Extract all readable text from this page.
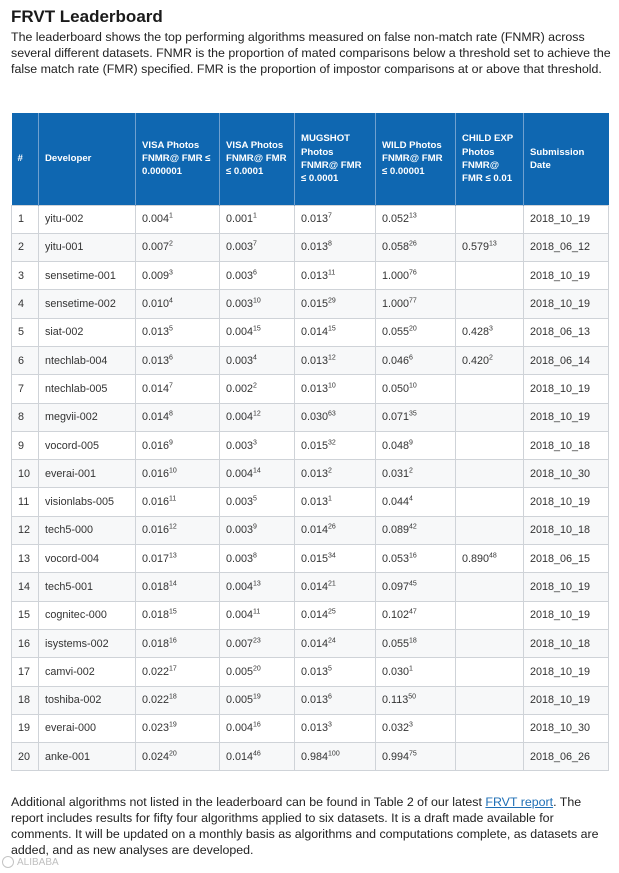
FRVT Leaderboard
The leaderboard shows the top performing algorithms measured on false non-match rate (FNMR) across several different datasets. FNMR is the proportion of mated comparisons below a threshold set to achieve the false match rate (FMR) specified. FMR is the proportion of impostor comparisons at or above that threshold.
#	Developer	VISA Photos FNMR@ FMR ≤ 0.000001	VISA Photos FNMR@ FMR ≤ 0.0001	MUGSHOT Photos FNMR@ FMR ≤ 0.0001	WILD Photos FNMR@ FMR ≤ 0.00001	CHILD EXP Photos FNMR@ FMR ≤ 0.01	Submission Date
1	yitu-002	0.004$^1$	0.001$^1$	0.013$^7$	0.052$^{13}$		2018_10_19
2	yitu-001	0.007$^2$	0.003$^7$	0.013$^8$	0.058$^{26}$	0.579$^{13}$	2018_06_12
3	sensetime-001	0.009$^3$	0.003$^6$	0.013$^{11}$	1.000$^{76}$		2018_10_19
4	sensetime-002	0.010$^4$	0.003$^{10}$	0.015$^{29}$	1.000$^{77}$		2018_10_19
5	siat-002	0.013$^5$	0.004$^{15}$	0.014$^{15}$	0.055$^{20}$	0.428$^3$	2018_06_13
6	ntechlab-004	0.013$^6$	0.003$^4$	0.013$^{12}$	0.046$^6$	0.420$^2$	2018_06_14
7	ntechlab-005	0.014$^7$	0.002$^2$	0.013$^{10}$	0.050$^{10}$		2018_10_19
8	megvii-002	0.014$^8$	0.004$^{12}$	0.030$^{63}$	0.071$^{35}$		2018_10_19
9	vocord-005	0.016$^9$	0.003$^3$	0.015$^{32}$	0.048$^9$		2018_10_18
10	everai-001	0.016$^{10}$	0.004$^{14}$	0.013$^2$	0.031$^2$		2018_10_30
11	visionlabs-005	0.016$^{11}$	0.003$^5$	0.013$^1$	0.044$^4$		2018_10_19
12	tech5-000	0.016$^{12}$	0.003$^9$	0.014$^{26}$	0.089$^{42}$		2018_10_18
13	vocord-004	0.017$^{13}$	0.003$^8$	0.015$^{34}$	0.053$^{16}$	0.890$^{48}$	2018_06_15
14	tech5-001	0.018$^{14}$	0.004$^{13}$	0.014$^{21}$	0.097$^{45}$		2018_10_19
15	cognitec-000	0.018$^{15}$	0.004$^{11}$	0.014$^{25}$	0.102$^{47}$		2018_10_19
16	isystems-002	0.018$^{16}$	0.007$^{23}$	0.014$^{24}$	0.055$^{18}$		2018_10_18
17	camvi-002	0.022$^{17}$	0.005$^{20}$	0.013$^5$	0.030$^1$		2018_10_19
18	toshiba-002	0.022$^{18}$	0.005$^{19}$	0.013$^6$	0.113$^{50}$		2018_10_19
19	everai-000	0.023$^{19}$	0.004$^{16}$	0.013$^3$	0.032$^3$		2018_10_30
20	anke-001	0.024$^{20}$	0.014$^{46}$	0.984$^{100}$	0.994$^{75}$		2018_06_26
Additional algorithms not listed in the leaderboard can be found in Table 2 of our latest FRVT report. The report includes results for fifty four algorithms applied to six datasets. It is a draft made available for comments. It will be updated on a monthly basis as algorithms and computations complete, as datasets are added, and as new analyses are developed.
ALIBABA
